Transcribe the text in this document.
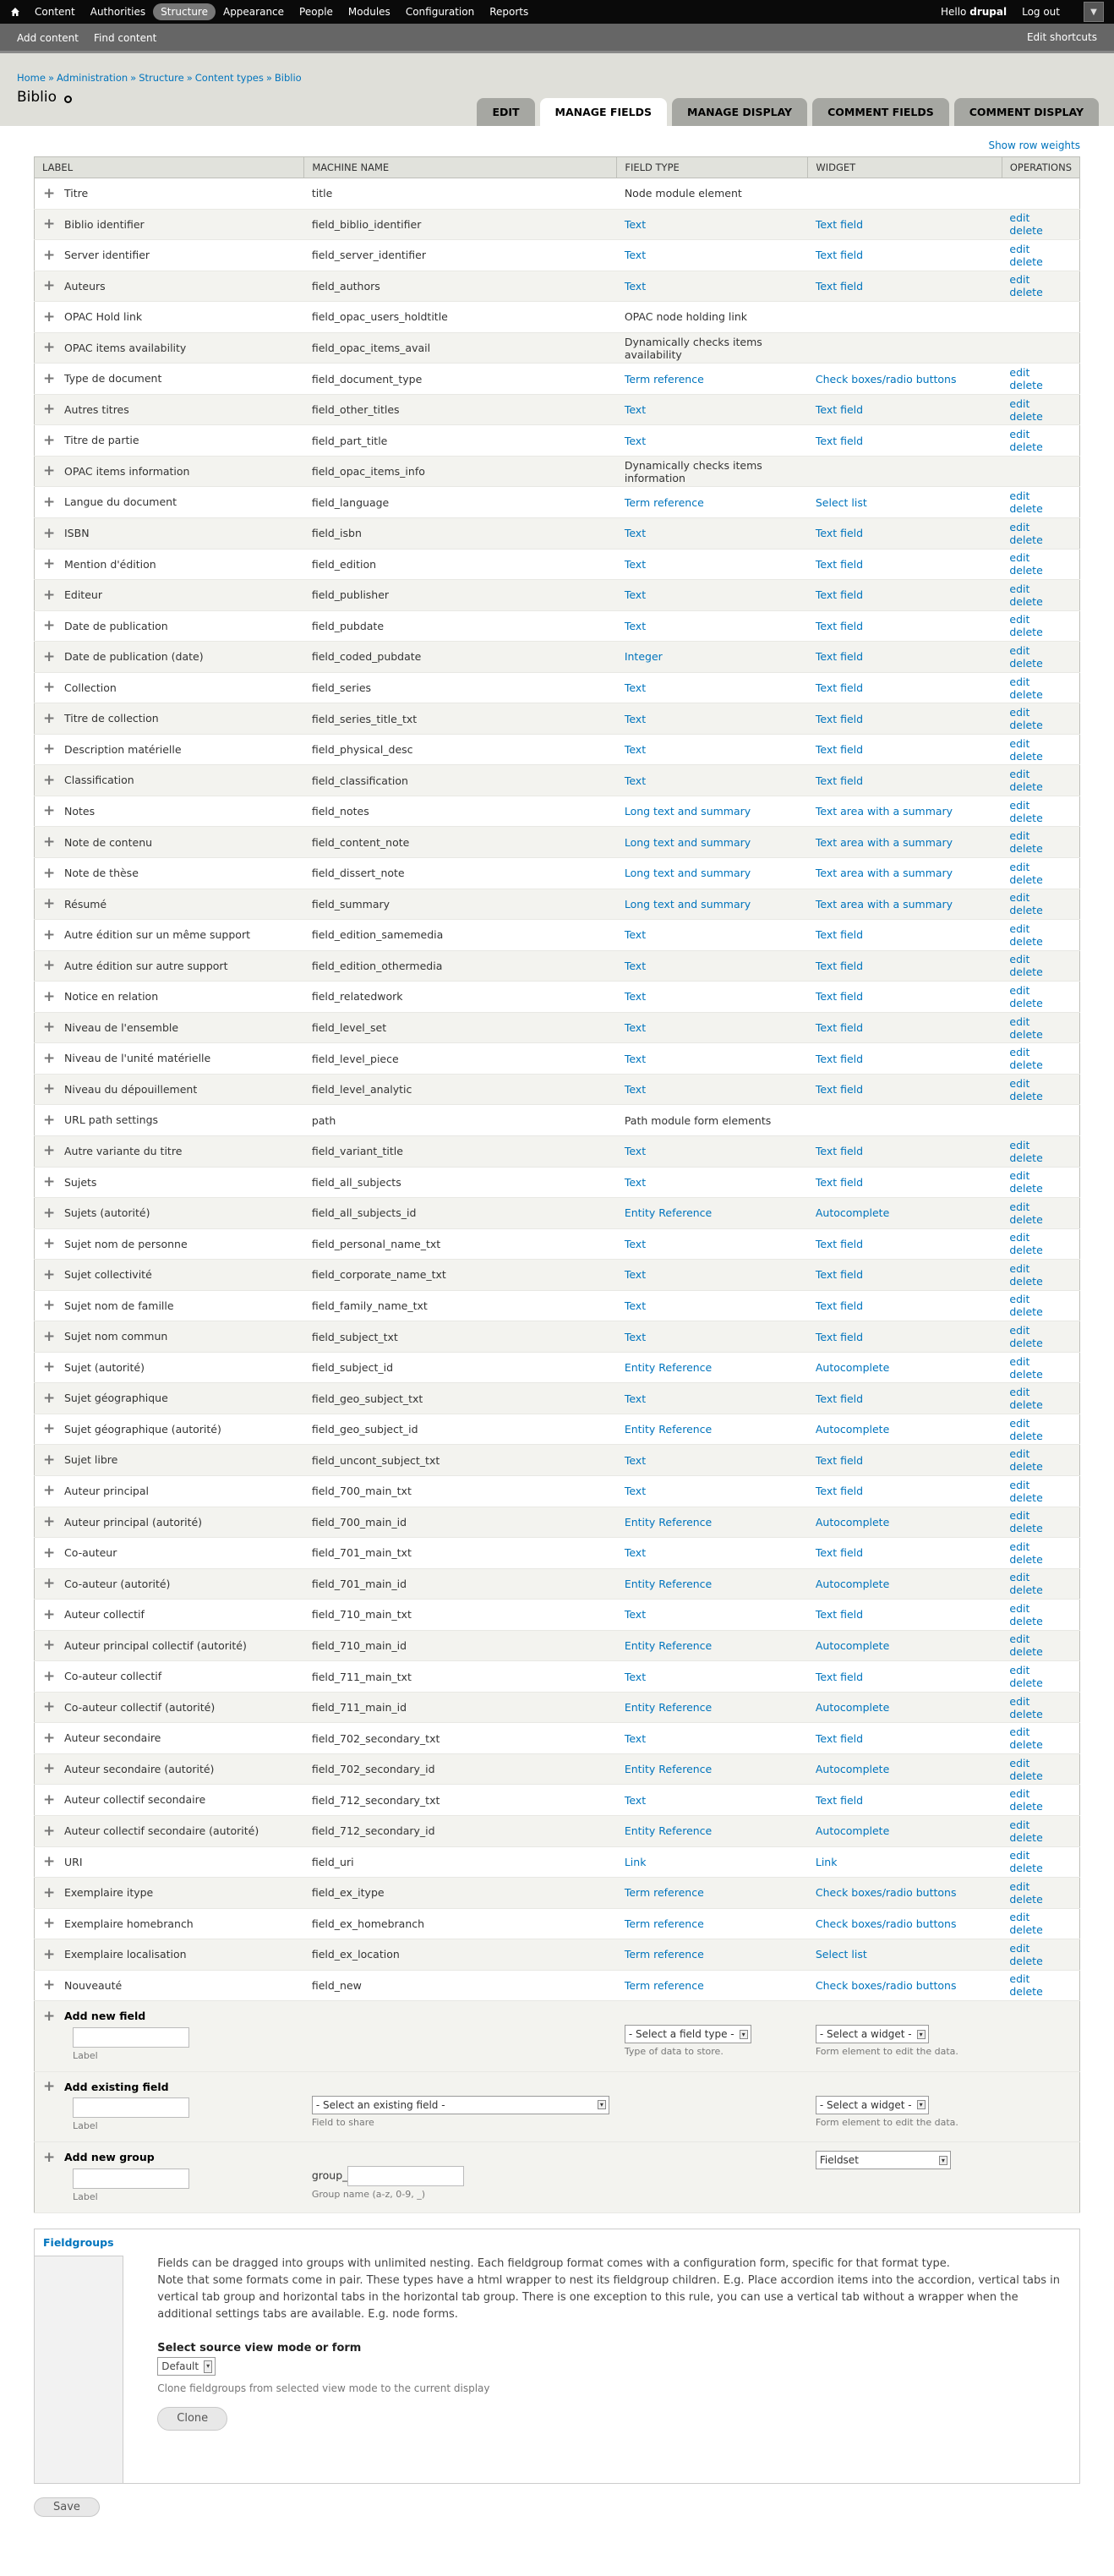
Content	Authorities	Structure	Appearance	People	Modules	Configuration	Reports	Hello drupal Log out	▼
Add content Find content	Edit shortcuts
Home » Administration » Structure » Content types » Biblio
Biblio
EDIT	MANAGE FIELDS	MANAGE DISPLAY	COMMENT FIELDS	COMMENT DISPLAY
Show row weights
LABEL	MACHINE NAME	FIELD TYPE	WIDGET	OPERATIONS
+Titre	title	Node module element		
+Biblio identifier	field_biblio_identifier	Text	Text field	editdelete
+Server identifier	field_server_identifier	Text	Text field	editdelete
+Auteurs	field_authors	Text	Text field	editdelete
+OPAC Hold link	field_opac_users_holdtitle	OPAC node holding link		
+OPAC items availability	field_opac_items_avail	Dynamically checks items availability		
+Type de document	field_document_type	Term reference	Check boxes/radio buttons	editdelete
+Autres titres	field_other_titles	Text	Text field	editdelete
+Titre de partie	field_part_title	Text	Text field	editdelete
+OPAC items information	field_opac_items_info	Dynamically checks items information		
+Langue du document	field_language	Term reference	Select list	editdelete
+ISBN	field_isbn	Text	Text field	editdelete
+Mention d'édition	field_edition	Text	Text field	editdelete
+Editeur	field_publisher	Text	Text field	editdelete
+Date de publication	field_pubdate	Text	Text field	editdelete
+Date de publication (date)	field_coded_pubdate	Integer	Text field	editdelete
+Collection	field_series	Text	Text field	editdelete
+Titre de collection	field_series_title_txt	Text	Text field	editdelete
+Description matérielle	field_physical_desc	Text	Text field	editdelete
+Classification	field_classification	Text	Text field	editdelete
+Notes	field_notes	Long text and summary	Text area with a summary	editdelete
+Note de contenu	field_content_note	Long text and summary	Text area with a summary	editdelete
+Note de thèse	field_dissert_note	Long text and summary	Text area with a summary	editdelete
+Résumé	field_summary	Long text and summary	Text area with a summary	editdelete
+Autre édition sur un même support	field_edition_samemedia	Text	Text field	editdelete
+Autre édition sur autre support	field_edition_othermedia	Text	Text field	editdelete
+Notice en relation	field_relatedwork	Text	Text field	editdelete
+Niveau de l'ensemble	field_level_set	Text	Text field	editdelete
+Niveau de l'unité matérielle	field_level_piece	Text	Text field	editdelete
+Niveau du dépouillement	field_level_analytic	Text	Text field	editdelete
+URL path settings	path	Path module form elements		
+Autre variante du titre	field_variant_title	Text	Text field	editdelete
+Sujets	field_all_subjects	Text	Text field	editdelete
+Sujets (autorité)	field_all_subjects_id	Entity Reference	Autocomplete	editdelete
+Sujet nom de personne	field_personal_name_txt	Text	Text field	editdelete
+Sujet collectivité	field_corporate_name_txt	Text	Text field	editdelete
+Sujet nom de famille	field_family_name_txt	Text	Text field	editdelete
+Sujet nom commun	field_subject_txt	Text	Text field	editdelete
+Sujet (autorité)	field_subject_id	Entity Reference	Autocomplete	editdelete
+Sujet géographique	field_geo_subject_txt	Text	Text field	editdelete
+Sujet géographique (autorité)	field_geo_subject_id	Entity Reference	Autocomplete	editdelete
+Sujet libre	field_uncont_subject_txt	Text	Text field	editdelete
+Auteur principal	field_700_main_txt	Text	Text field	editdelete
+Auteur principal (autorité)	field_700_main_id	Entity Reference	Autocomplete	editdelete
+Co-auteur	field_701_main_txt	Text	Text field	editdelete
+Co-auteur (autorité)	field_701_main_id	Entity Reference	Autocomplete	editdelete
+Auteur collectif	field_710_main_txt	Text	Text field	editdelete
+Auteur principal collectif (autorité)	field_710_main_id	Entity Reference	Autocomplete	editdelete
+Co-auteur collectif	field_711_main_txt	Text	Text field	editdelete
+Co-auteur collectif (autorité)	field_711_main_id	Entity Reference	Autocomplete	editdelete
+Auteur secondaire	field_702_secondary_txt	Text	Text field	editdelete
+Auteur secondaire (autorité)	field_702_secondary_id	Entity Reference	Autocomplete	editdelete
+Auteur collectif secondaire	field_712_secondary_txt	Text	Text field	editdelete
+Auteur collectif secondaire (autorité)	field_712_secondary_id	Entity Reference	Autocomplete	editdelete
+URI	field_uri	Link	Link	editdelete
+Exemplaire itype	field_ex_itype	Term reference	Check boxes/radio buttons	editdelete
+Exemplaire homebranch	field_ex_homebranch	Term reference	Check boxes/radio buttons	editdelete
+Exemplaire localisation	field_ex_location	Term reference	Select list	editdelete
+Nouveauté	field_new	Term reference	Check boxes/radio buttons	editdelete
+Add new field
Label		- Select a field type - ▾
Type of data to store.	- Select a widget - ▾
Form element to edit the data.	

+Add existing field
Label	- Select an existing field - ▾
Field to share		- Select a widget - ▾
Form element to edit the data.	

+Add new group
Label	group_
Group name (a-z, 0-9, _)		Fieldset ▾	

Fieldgroups

Fields can be dragged into groups with unlimited nesting. Each fieldgroup format comes with a configuration form, specific for that format type.

Note that some formats come in pair. These types have a html wrapper to nest its fieldgroup children. E.g. Place accordion items into the accordion, vertical tabs in vertical tab group and horizontal tabs in the horizontal tab group. There is one exception to this rule, you can use a vertical tab without a wrapper when the additional settings tabs are available. E.g. node forms.

Select source view mode or form
Default	▾
Clone fieldgroups from selected view mode to the current display
Clone
Save
